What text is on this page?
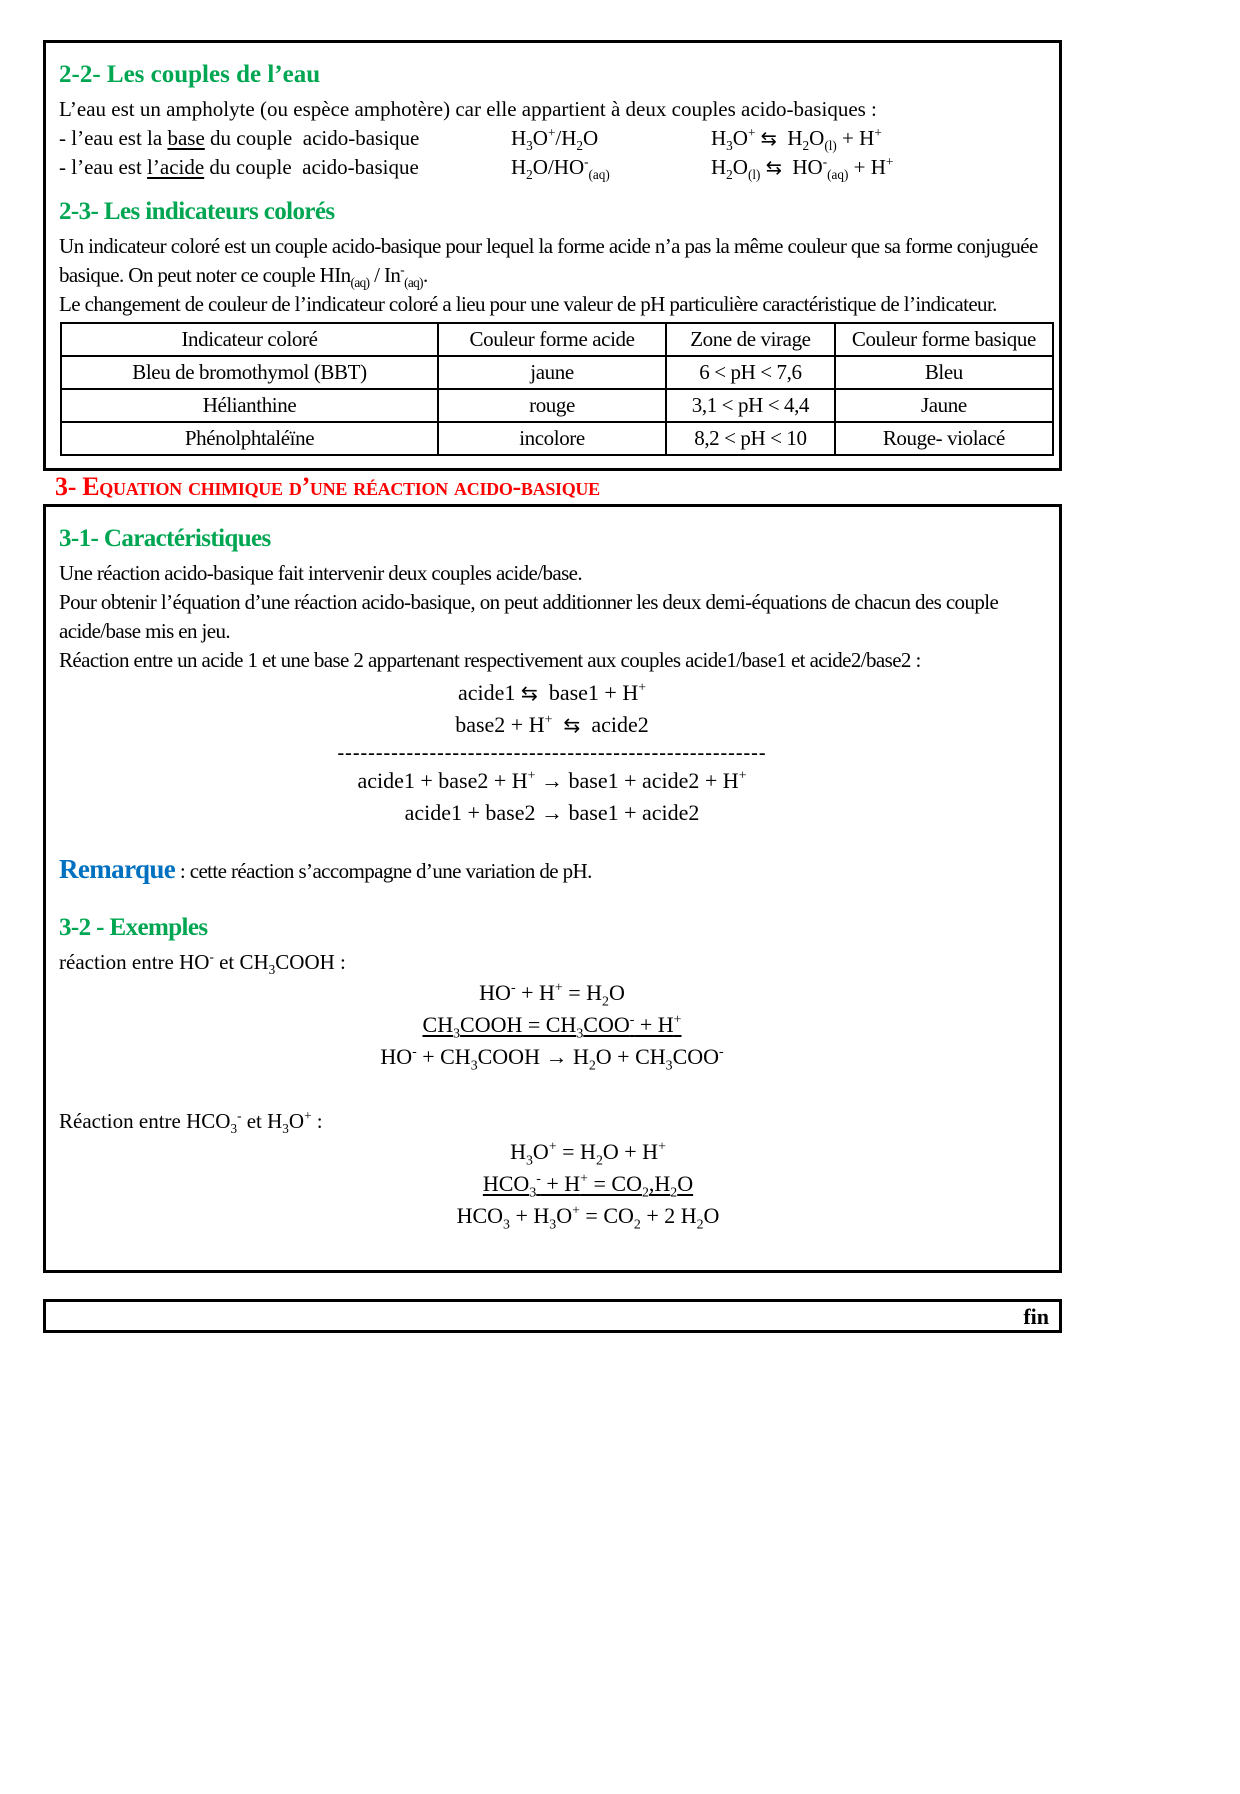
2-2- Les couples de l’eau

L’eau est un ampholyte (ou espèce amphotère) car elle appartient à deux couples acido-basiques :

- l’eau est la base du couple  acido-basique	$H_3O^+/H_2O$	$H_3O^+$ ⇆  $H_2O_{(l)} + H^+$
- l’eau est l’acide du couple  acido-basique	$H_2O/HO^-_{(aq)}$	$H_2O_{(l)}$ ⇆  $HO^-_{(aq)} + H^+$
2-3- Les indicateurs colorés

Un indicateur coloré est un couple acido-basique pour lequel la forme acide n’a pas la même couleur que sa forme conjuguée basique. On peut noter ce couple $HIn_{(aq)} / In^-_{(aq)}$.

Le changement de couleur de l’indicateur coloré a lieu pour une valeur de pH particulière caractéristique de l’indicateur.

Indicateur coloré	Couleur forme acide	Zone de virage	Couleur forme basique
Bleu de bromothymol (BBT)	jaune	6 < pH < 7,6	Bleu
Hélianthine	rouge	3,1 < pH < 4,4	Jaune
Phénolphtaléïne	incolore	8,2 < pH < 10	Rouge- violacé
3- Equation chimique d’une réaction acido-basique
3-1- Caractéristiques

Une réaction acido-basique fait intervenir deux couples acide/base.

Pour obtenir l’équation d’une réaction acido-basique, on peut additionner les deux demi-équations de chacun des couple acide/base mis en jeu.

Réaction entre un acide 1 et une base 2 appartenant respectivement aux couples acide1/base1 et acide2/base2 :

acide1 ⇆  base1 + H+
base2 + H+ ⇆  acide2
--------------------------------------------------------
acide1 + base2 + H+ → base1 + acide2 + H+
acide1 + base2 → base1 + acide2

Remarque : cette réaction s’accompagne d’une variation de pH.

3-2 - Exemples

réaction entre HO- et $CH_3COOH$ :

$HO^- + H^+ = H_2O$
$CH_3COOH = CH_3COO^- + H^+$
$HO^- + CH_3COOH \to H_2O + CH_3COO^-$

Réaction entre $HCO_3^-$ et $H_3O^+$ :

$H_3O^+ = H_2O + H^+$
$HCO_3^- + H^+ = CO_2,H_2O$
$HCO_3 + H_3O^+ = CO_2 + 2$ $H_2O$
fin
